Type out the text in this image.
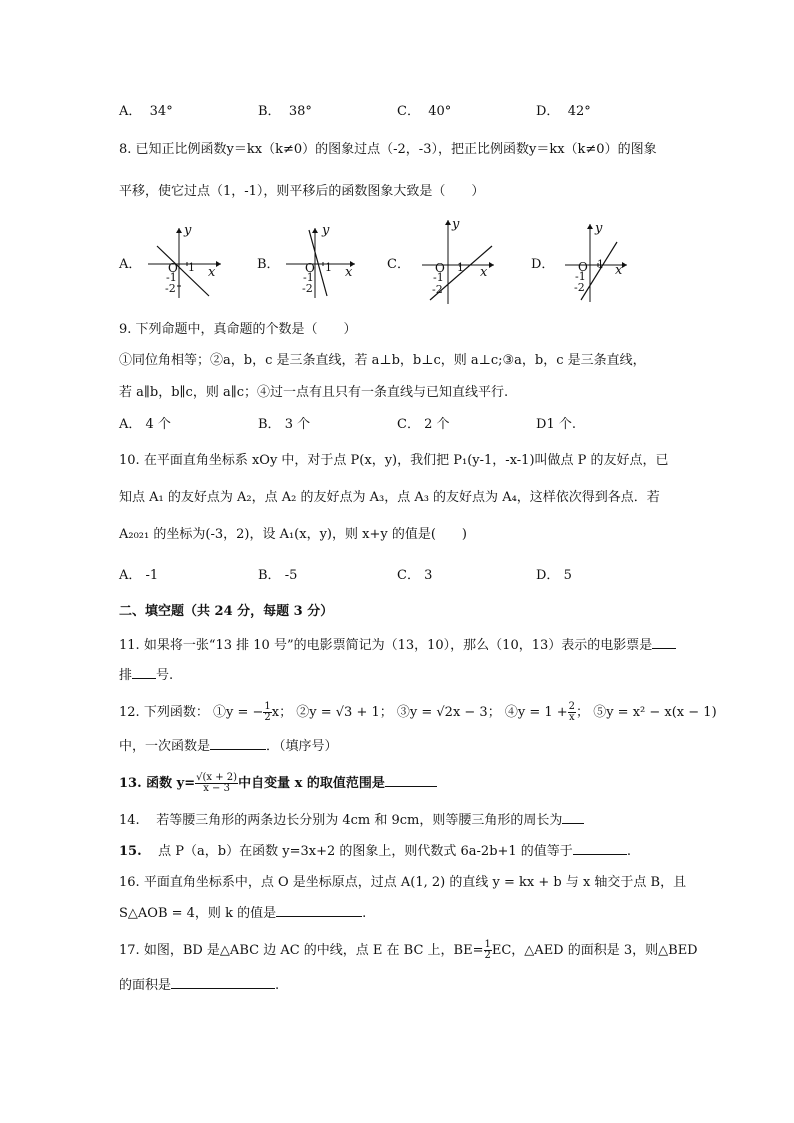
A． 34°	B． 38°	C． 40°	D． 42°
8. 已知正比例函数y＝kx（k≠0）的图象过点（-2，-3），把正比例函数y＝kx（k≠0）的图象
平移，使它过点（1，-1），则平移后的函数图象大致是（　　）
A．
y
x
O 1
-1
-2
B．
y
x
O 1
-1
-2
C．
y
x
O 1
-1
-2
D．
y
x
O 1
-1
-2
9. 下列命题中，真命题的个数是（　　）
①同位角相等；②a，b，c 是三条直线，若 a⊥b，b⊥c，则 a⊥c;③a，b，c 是三条直线，
若 a∥b，b∥c，则 a∥c；④过一点有且只有一条直线与已知直线平行.
A． 4 个	B． 3 个	C． 2 个	D1 个.
10. 在平面直角坐标系 xOy 中，对于点 P(x，y)，我们把 P₁(y-1，-x-1)叫做点 P 的友好点，已
知点 A₁ 的友好点为 A₂，点 A₂ 的友好点为 A₃，点 A₃ 的友好点为 A₄，这样依次得到各点．若
A₂₀₂₁ 的坐标为(-3，2)，设 A₁(x，y)，则 x+y 的值是(　　)
A． -1	B． -5	C． 3	D． 5
二、填空题（共 24 分，每题 3 分）
11. 如果将一张“13 排 10 号”的电影票简记为（13，10），那么（10，13）表示的电影票是
排 号.
12. 下列函数： ①y = − $\frac{1}{2}$ x； ②y = √3 + 1； ③y = √2x − 3； ④y = $1 + \frac{2}{x}$ ； ⑤y = x² − x(x − 1)
中，一次函数是	．（填序号）
13. 函数 $y= \frac{√(x + 2)}{x - 3}$ 中自变量 x 的取值范围是
14. 若等腰三角形的两条边长分别为 4cm 和 9cm，则等腰三角形的周长为
15. 点 P（a，b）在函数 y=3x+2 的图象上，则代数式 6a-2b+1 的值等于	.
16. 平面直角坐标系中，点 O 是坐标原点，过点 A(1, 2) 的直线 y = kx + b 与 x 轴交于点 B，且
S△AOB = 4，则 k 的值是	.
17. 如图，BD 是△ABC 边 AC 的中线，点 E 在 BC 上，$BE= \frac{1}{2}$ EC，△AED 的面积是 3，则△BED
的面积是	.
